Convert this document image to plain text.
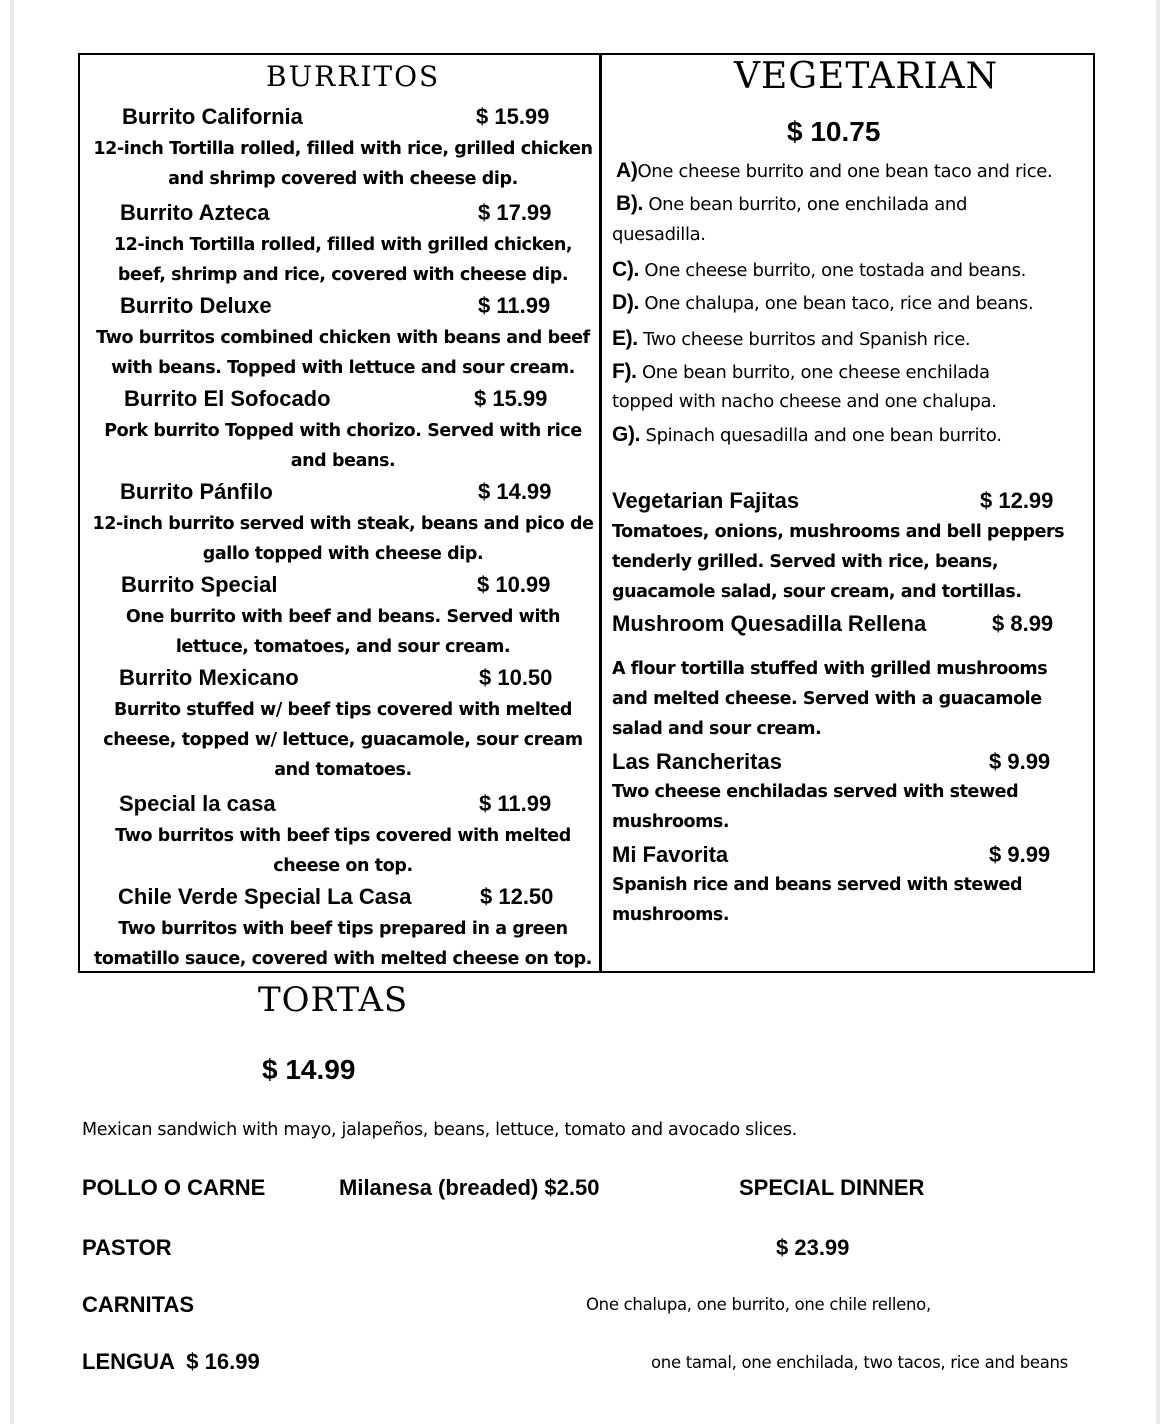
BURRITOS
Burrito California	$ 15.99
12-inch Tortilla rolled, filled with rice, grilled chicken and shrimp covered with cheese dip.
Burrito Azteca	$ 17.99
12-inch Tortilla rolled, filled with grilled chicken, beef, shrimp and rice, covered with cheese dip.
Burrito Deluxe	$ 11.99
Two burritos combined chicken with beans and beef with beans. Topped with lettuce and sour cream.
Burrito El Sofocado	$ 15.99
Pork burrito Topped with chorizo. Served with rice and beans.
Burrito Pánfilo	$ 14.99
12-inch burrito served with steak, beans and pico de gallo topped with cheese dip.
Burrito Special	$ 10.99
One burrito with beef and beans. Served with lettuce, tomatoes, and sour cream.
Burrito Mexicano	$ 10.50
Burrito stuffed w/ beef tips covered with melted cheese, topped w/ lettuce, guacamole, sour cream and tomatoes.
Special la casa	$ 11.99
Two burritos with beef tips covered with melted cheese on top.
Chile Verde Special La Casa	$ 12.50
Two burritos with beef tips prepared in a green tomatillo sauce, covered with melted cheese on top.
VEGETARIAN
$ 10.75
A)One cheese burrito and one bean taco and rice.
B). One bean burrito, one enchilada and
quesadilla.
C). One cheese burrito, one tostada and beans.
D). One chalupa, one bean taco, rice and beans.
E). Two cheese burritos and Spanish rice.
F). One bean burrito, one cheese enchilada
topped with nacho cheese and one chalupa.
G). Spinach quesadilla and one bean burrito.
Vegetarian Fajitas	$ 12.99
Tomatoes, onions, mushrooms and bell peppers tenderly grilled. Served with rice, beans, guacamole salad, sour cream, and tortillas.
Mushroom Quesadilla Rellena	$ 8.99
A flour tortilla stuffed with grilled mushrooms and melted cheese. Served with a guacamole salad and sour cream.
Las Rancheritas	$ 9.99
Two cheese enchiladas served with stewed mushrooms.
Mi Favorita	$ 9.99
Spanish rice and beans served with stewed mushrooms.
TORTAS
$ 14.99
Mexican sandwich with mayo, jalapeños, beans, lettuce, tomato and avocado slices.
POLLO O CARNE	Milanesa (breaded) $2.50
PASTOR
CARNITAS
LENGUA  $ 16.99
SPECIAL DINNER
$ 23.99
One chalupa, one burrito, one chile relleno,
one tamal, one enchilada, two tacos, rice and beans
